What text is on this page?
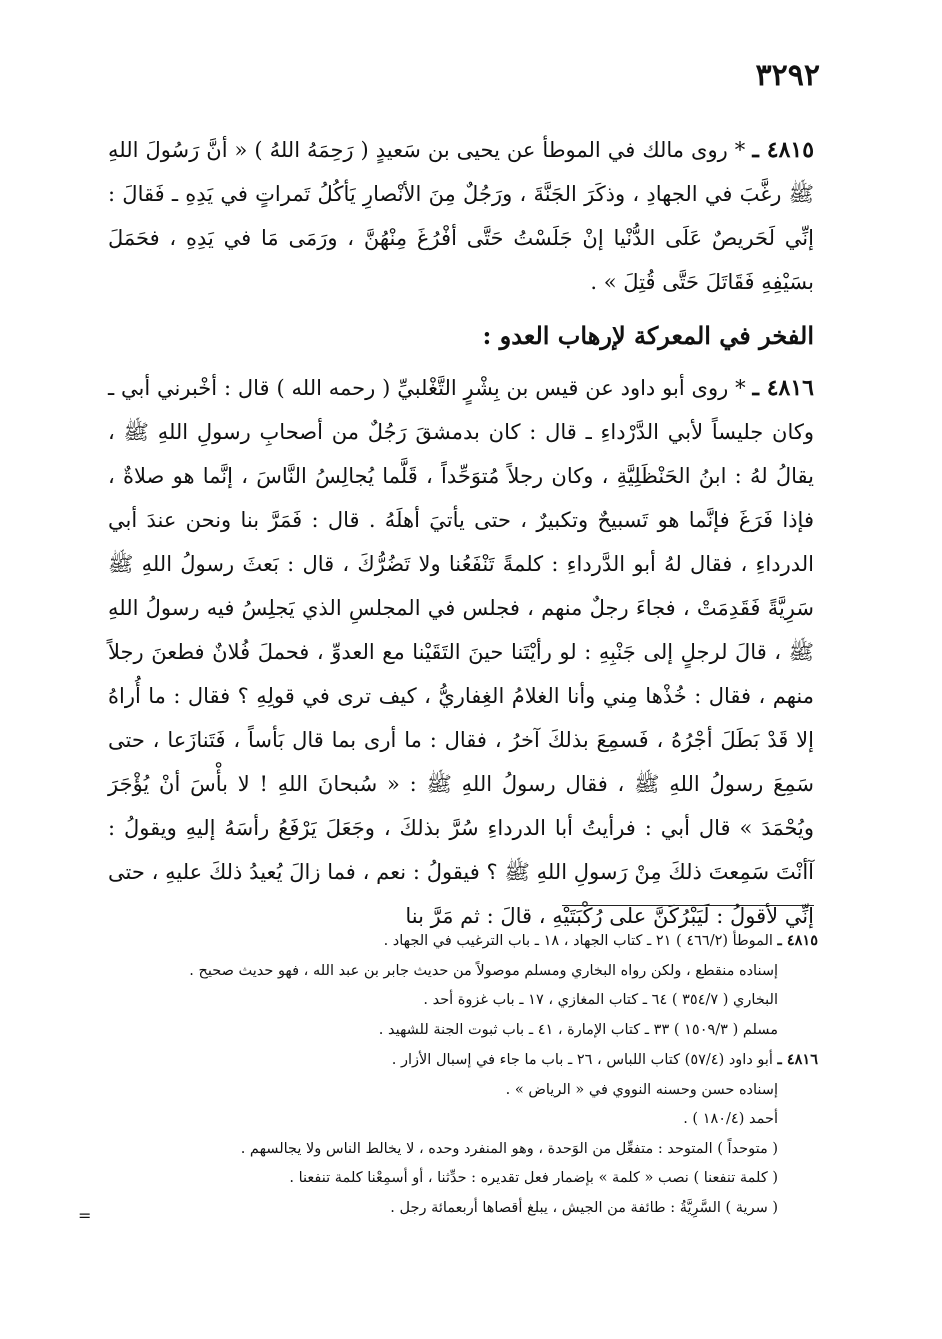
٣٢٩٢

٤٨١٥ ـ * روى مالك في الموطأ عن يحيى بن سَعيدٍ ( رَحِمَهُ اللهُ ) « أنَّ رَسُولَ اللهِ ﷺ رغَّبَ في الجهادِ ، وذكَرَ الجَنَّةَ ، ورَجُلٌ مِنَ الأنْصارِ يَأكُلُ تَمراتٍ في يَدِهِ ـ فَقالَ : إنِّي لَحَريصٌ عَلَى الدُّنْيا إنْ جَلَسْتُ حَتَّى أفْرُغَ مِنْهُنَّ ، ورَمَى مَا في يَدِهِ ، فحَمَلَ بسَيْفِهِ فَقَاتَلَ حَتَّى قُتِلَ » .

الفخر في المعركة لإرهاب العدو :

٤٨١٦ ـ * روى أبو داود عن قيس بن بِشْرٍ التَّغْلبيِّ ( رحمه الله ) قال : أخْبرني أبي ـ وكان جليساً لأبي الدَّرْداءِ ـ قال : كان بدمشقَ رَجُلٌ من أصحابِ رسولِ اللهِ ﷺ ، يقالُ لهُ : ابنُ الحَنْظَلِيَّةِ ، وكان رجلاً مُتوَحِّداً ، قَلَّما يُجالِسُ النَّاسَ ، إنَّما هو صلاةٌ ، فإذا فَرَغَ فإنَّما هو تَسبيحٌ وتكبيرٌ ، حتى يأتيَ أهلَهُ . قال : فَمَرَّ بنا ونحن عندَ أبي الدرداءِ ، فقال لهُ أبو الدَّرداءِ : كلمةً تَنْفَعُنا ولا تَضُرُّكَ ، قال : بَعثَ رسولُ اللهِ ﷺ سَرِيَّةً فَقَدِمَتْ ، فجاءَ رجلٌ منهم ، فجلس في المجلسِ الذي يَجلِسُ فيه رسولُ اللهِ ﷺ ، قالَ لرجلٍ إلى جَنْبِهِ : لو رأيْتَنا حينَ التَقَيْنا مع العدوِّ ، فحملَ فُلانٌ فطعنَ رجلاً منهم ، فقال : خُذْها مِني وأنا الغلامُ الغِفاريُّ ، كيف ترى في قولِهِ ؟ فقال : ما أُراهُ إلا قَدْ بَطَلَ أجْرُهُ ، فَسمِعَ بذلكَ آخرُ ، فقال : ما أرى بما قال بَأساً ، فَتَنازَعا ، حتى سَمِعَ رسولُ اللهِ ﷺ ، فقال رسولُ اللهِ ﷺ : « سُبحانَ اللهِ ! لا بأْسَ أنْ يُؤْجَرَ ويُحْمَدَ » قال أبي : فرأيتُ أبا الدرداءِ سُرَّ بذلكَ ، وجَعَلَ يَرْفَعُ رأسَهُ إليهِ ويقولُ : آأنْتَ سَمِعتَ ذلكَ مِنْ رَسولِ اللهِ ﷺ ؟ فيقولُ : نعم ، فما زالَ يُعيدُ ذلكَ عليهِ ، حتى إنِّي لأقولُ : لَيَبْرُكَنَّ على رُكْبَتَيْهِ ، قالَ : ثم مَرَّ بنا

٤٨١٥ ـ الموطأ (٤٦٦/٢ ) ٢١ ـ كتاب الجهاد ، ١٨ ـ باب الترغيب في الجهاد .
إسناده منقطع ، ولكن رواه البخاري ومسلم موصولاً من حديث جابر بن عبد الله ، فهو حديث صحيح .
البخاري ( ٣٥٤/٧ ) ٦٤ ـ كتاب المغازي ، ١٧ ـ باب غزوة أحد .
مسلم ( ١٥٠٩/٣ ) ٣٣ ـ كتاب الإمارة ، ٤١ ـ باب ثبوت الجنة للشهيد .
٤٨١٦ ـ أبو داود (٥٧/٤) كتاب اللباس ، ٢٦ ـ باب ما جاء في إسبال الأزار .
إسناده حسن وحسنه النووي في « الرياض » .
أحمد (١٨٠/٤ ) .
( متوحداً ) المتوحد : متفعِّل من الوَحدة ، وهو المنفرد وحده ، لا يخالط الناس ولا يجالسهم .
( كلمة تنفعنا ) نصب « كلمة » بإضمار فعل تقديره : حدِّثنا ، أو أسمِعْنا كلمة تنفعنا .
( سرية ) السَّرِيَّةُ : طائفة من الجيش ، يبلغ أقصاها أربعمائة رجل .
=
